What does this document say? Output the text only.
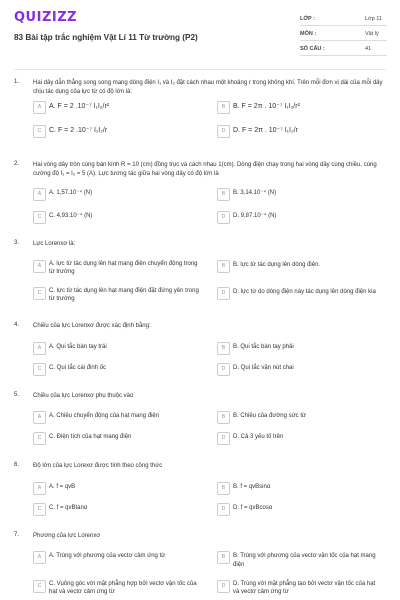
QUIZIZZ
83 Bài tập trắc nghiệm Vật Lí 11 Từ trường (P2)
LỚP :	Lớp 11
MÔN :	Vật lý
SỐ CÂU :	41
1. Hai dây dẫn thẳng song song mang dòng điện I₁ và I₂ đặt cách nhau một khoảng r trong không khí. Trên mỗi đơn vị dài của mỗi dây chịu tác dụng của lực từ có độ lớn là:
A	A. F = 2 .10⁻⁷ I₁I₂/r²	B	B. F = 2π . 10⁻⁷ I₁I₂/r²
C	C. F = 2 .10⁻⁷ I₁I₂/r	D	D. F = 2π . 10⁻⁷ I₁I₂/r
2. Hai vòng dây tròn cùng bán kính R = 10 (cm) đồng trục và cách nhau 1(cm). Dòng điện chạy trong hai vòng dây cùng chiều, cùng cường độ I₁ = I₂ = 5 (A). Lực tương tác giữa hai vòng dây có độ lớn là
A	A. 1,57.10⁻⁴ (N)	B	B. 3,14.10⁻⁴ (N)
C	C. 4,93.10⁻⁴ (N)	D	D. 9,87.10⁻⁴ (N)
3. Lực Lorenxơ là:
A	A. lực từ tác dụng lên hạt mang điện chuyển động trong từ trường
B	B. lực từ tác dụng lên dòng điện.
C	C. lực từ tác dụng lên hạt mang điện đặt đứng yên trong từ trường
D	D. lực từ do dòng điện này tác dụng lên dòng điện kia
4. Chiều của lực Lorenxơ được xác định bằng:
A	A. Qui tắc bàn tay trái	B	B. Qui tắc bàn tay phải
C	C. Qui tắc cái đinh ốc	D	D. Qui tắc vặn nút chai
5. Chiều của lực Lorenxơ phụ thuộc vào
A	A. Chiều chuyển động của hạt mang điện	B	B. Chiều của đường sức từ
C	C. Điện tích của hạt mang điện	D	D. Cả 3 yếu tố trên
6. Độ lớn của lực Lorexơ được tính theo công thức
A	A. f = qvB	B	B. f = qvBsinα
C	C. f = qvBtanα	D	D. f = qvBcosα
7. Phương của lực Lorenxơ
A	A. Trùng với phương của vectơ cảm ứng từ	B	B. Trùng với phương của vectơ vận tốc của hạt mang điện
C	C. Vuông góc với mặt phẳng hợp bởi vectơ vận tốc của hạt và vectơ cảm ứng từ
D	D. Trùng với mặt phẳng tạo bởi vectơ vận tốc của hạt và vectơ cảm ứng từ
